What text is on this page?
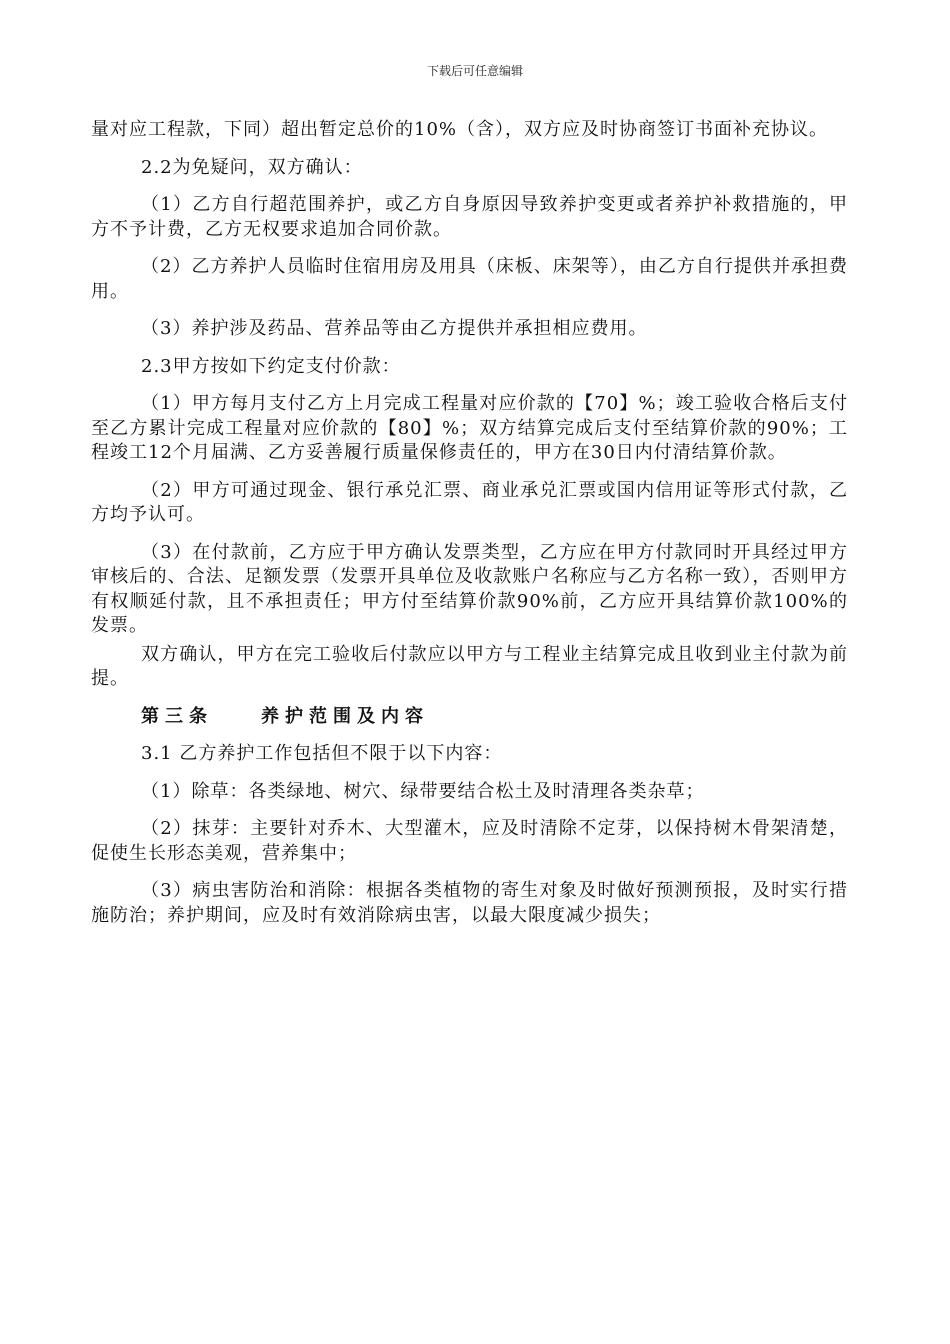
下载后可任意编辑

量对应工程款，下同）超出暂定总价的10%（含），双方应及时协商签订书面补充协议。

2.2为免疑问，双方确认：

（1）乙方自行超范围养护，或乙方自身原因导致养护变更或者养护补救措施的，甲方不予计费，乙方无权要求追加合同价款。

（2）乙方养护人员临时住宿用房及用具（床板、床架等），由乙方自行提供并承担费用。

（3）养护涉及药品、营养品等由乙方提供并承担相应费用。

2.3甲方按如下约定支付价款：

（1）甲方每月支付乙方上月完成工程量对应价款的【70】%；竣工验收合格后支付至乙方累计完成工程量对应价款的【80】%；双方结算完成后支付至结算价款的90%；工程竣工12个月届满、乙方妥善履行质量保修责任的，甲方在30日内付清结算价款。

（2）甲方可通过现金、银行承兑汇票、商业承兑汇票或国内信用证等形式付款，乙方均予认可。

（3）在付款前，乙方应于甲方确认发票类型，乙方应在甲方付款同时开具经过甲方审核后的、合法、足额发票（发票开具单位及收款账户名称应与乙方名称一致），否则甲方有权顺延付款，且不承担责任；甲方付至结算价款90%前，乙方应开具结算价款100%的发票。

双方确认，甲方在完工验收后付款应以甲方与工程业主结算完成且收到业主付款为前提。

第三条	养护范围及内容

3.1 乙方养护工作包括但不限于以下内容：

（1）除草：各类绿地、树穴、绿带要结合松土及时清理各类杂草；

（2）抹芽：主要针对乔木、大型灌木，应及时清除不定芽，以保持树木骨架清楚，促使生长形态美观，营养集中；

（3）病虫害防治和消除：根据各类植物的寄生对象及时做好预测预报，及时实行措施防治；养护期间，应及时有效消除病虫害，以最大限度减少损失；
